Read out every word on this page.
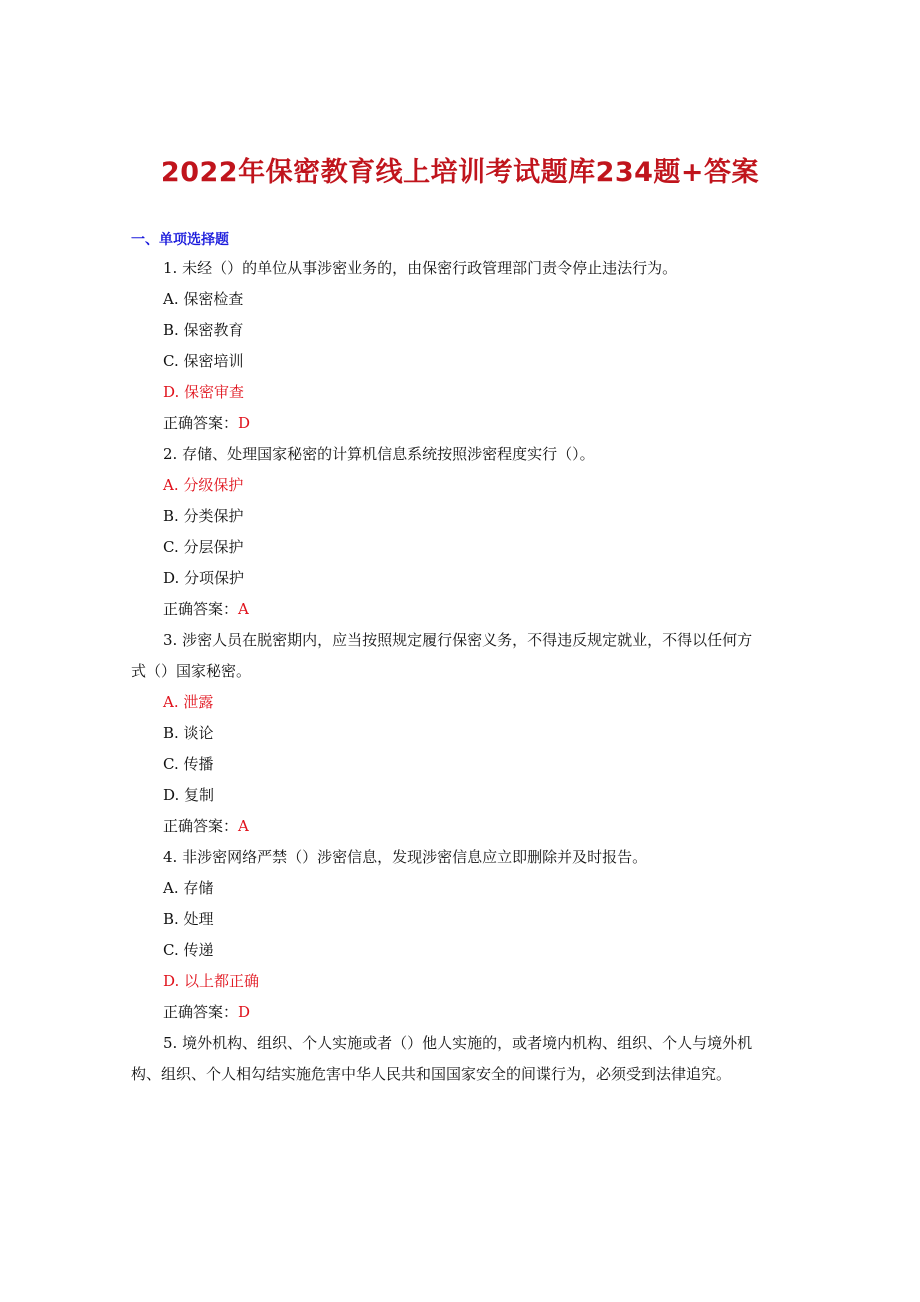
2022年保密教育线上培训考试题库234题+答案
一、单项选择题
1. 未经（）的单位从事涉密业务的，由保密行政管理部门责令停止违法行为。
A. 保密检查
B. 保密教育
C. 保密培训
D. 保密审查
正确答案：D
2. 存储、处理国家秘密的计算机信息系统按照涉密程度实行（）。
A. 分级保护
B. 分类保护
C. 分层保护
D. 分项保护
正确答案：A
3. 涉密人员在脱密期内，应当按照规定履行保密义务，不得违反规定就业，不得以任何方
式（）国家秘密。
A. 泄露
B. 谈论
C. 传播
D. 复制
正确答案：A
4. 非涉密网络严禁（）涉密信息，发现涉密信息应立即删除并及时报告。
A. 存储
B. 处理
C. 传递
D. 以上都正确
正确答案：D
5. 境外机构、组织、个人实施或者（）他人实施的，或者境内机构、组织、个人与境外机
构、组织、个人相勾结实施危害中华人民共和国国家安全的间谍行为，必须受到法律追究。
